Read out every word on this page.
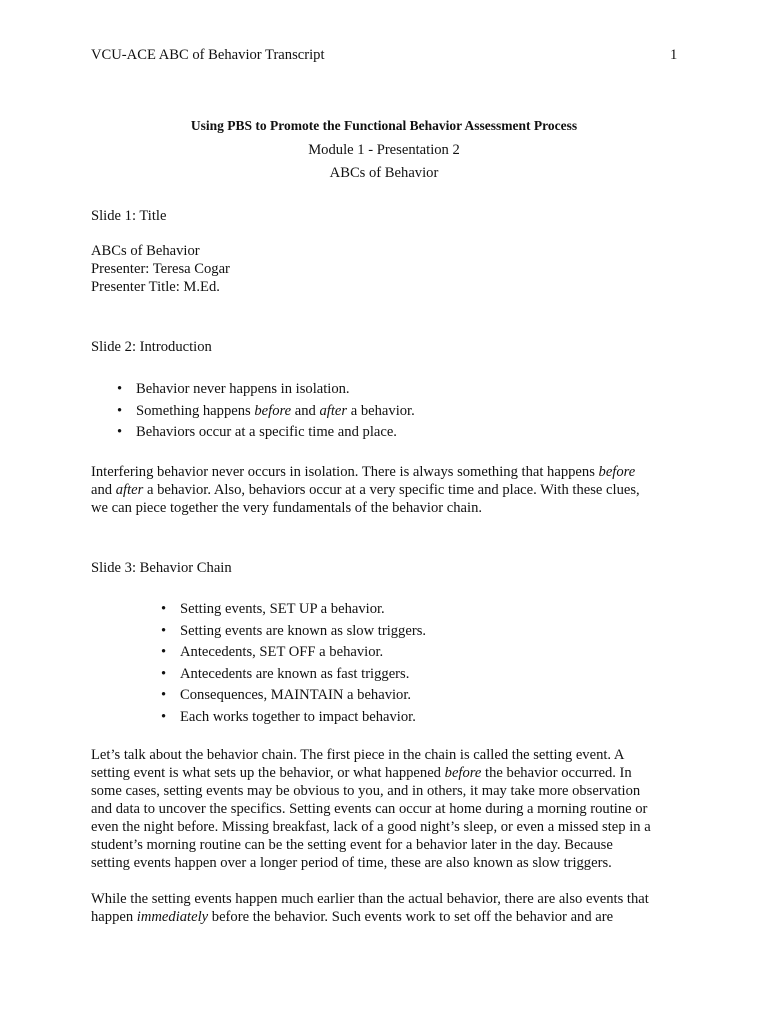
VCU-ACE ABC of Behavior Transcript	1
Using PBS to Promote the Functional Behavior Assessment Process
Module 1 - Presentation 2
ABCs of Behavior
Slide 1: Title
ABCs of Behavior
Presenter: Teresa Cogar
Presenter Title: M.Ed.
Slide 2: Introduction
• Behavior never happens in isolation.
• Something happens before and after a behavior.
• Behaviors occur at a specific time and place.
Interfering behavior never occurs in isolation. There is always something that happens before
and after a behavior. Also, behaviors occur at a very specific time and place. With these clues,
we can piece together the very fundamentals of the behavior chain.
Slide 3: Behavior Chain
• Setting events, SET UP a behavior.
• Setting events are known as slow triggers.
• Antecedents, SET OFF a behavior.
• Antecedents are known as fast triggers.
• Consequences, MAINTAIN a behavior.
• Each works together to impact behavior.
Let’s talk about the behavior chain. The first piece in the chain is called the setting event. A
setting event is what sets up the behavior, or what happened before the behavior occurred. In
some cases, setting events may be obvious to you, and in others, it may take more observation
and data to uncover the specifics. Setting events can occur at home during a morning routine or
even the night before. Missing breakfast, lack of a good night’s sleep, or even a missed step in a
student’s morning routine can be the setting event for a behavior later in the day. Because
setting events happen over a longer period of time, these are also known as slow triggers.
While the setting events happen much earlier than the actual behavior, there are also events that
happen immediately before the behavior. Such events work to set off the behavior and are
